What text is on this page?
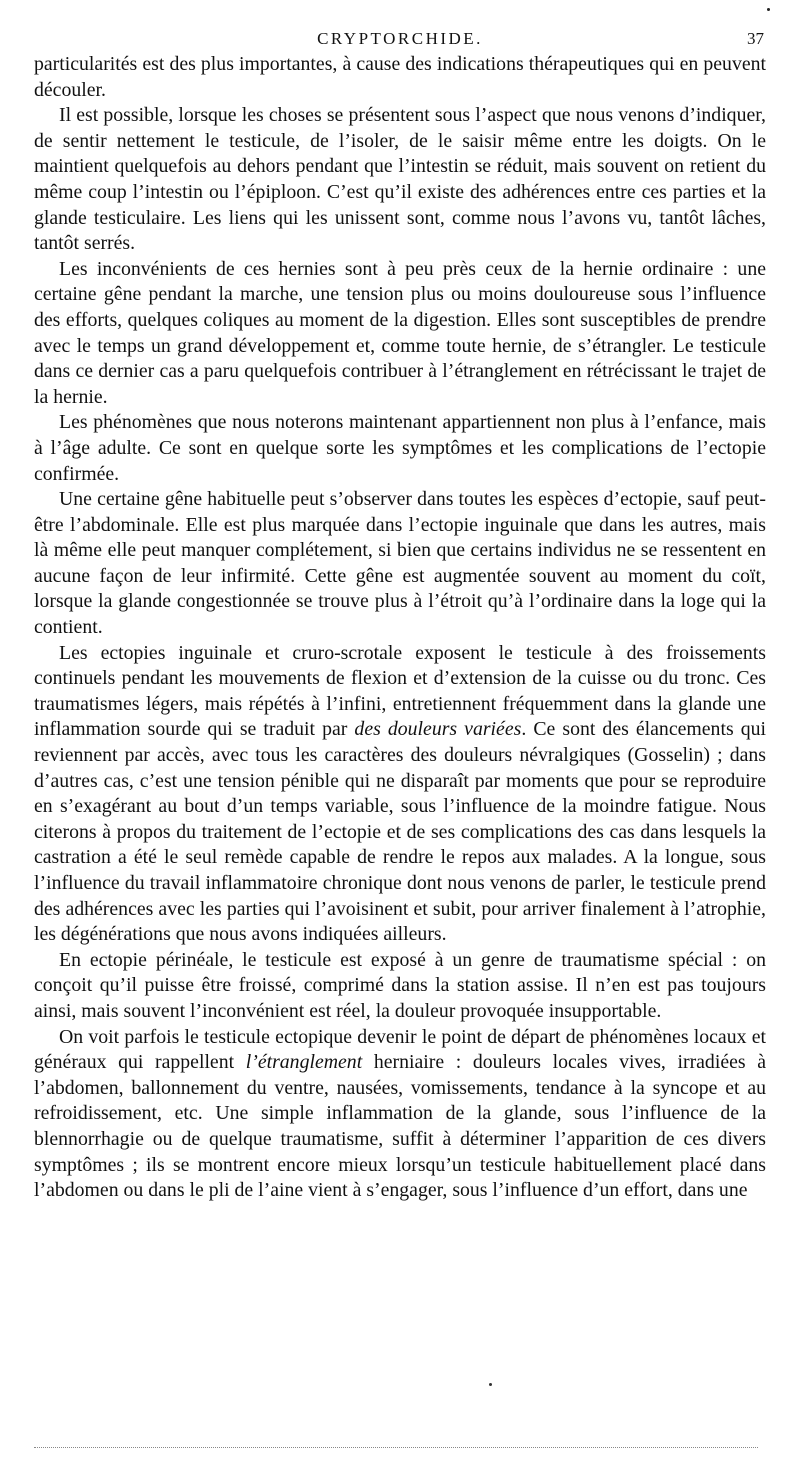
CRYPTORCHIDE.	37

particularités est des plus importantes, à cause des indications thérapeutiques qui en peuvent découler.

Il est possible, lorsque les choses se présentent sous l’aspect que nous venons d’indiquer, de sentir nettement le testicule, de l’isoler, de le saisir même entre les doigts. On le maintient quelquefois au dehors pendant que l’intestin se réduit, mais souvent on retient du même coup l’intestin ou l’épiploon. C’est qu’il existe des adhérences entre ces parties et la glande testiculaire. Les liens qui les unissent sont, comme nous l’avons vu, tantôt lâches, tantôt serrés.

Les inconvénients de ces hernies sont à peu près ceux de la hernie ordinaire : une certaine gêne pendant la marche, une tension plus ou moins douloureuse sous l’influence des efforts, quelques coliques au moment de la digestion. Elles sont susceptibles de prendre avec le temps un grand développement et, comme toute hernie, de s’étrangler. Le testicule dans ce dernier cas a paru quelquefois contribuer à l’étranglement en rétrécissant le trajet de la hernie.

Les phénomènes que nous noterons maintenant appartiennent non plus à l’enfance, mais à l’âge adulte. Ce sont en quelque sorte les symptômes et les complications de l’ectopie confirmée.

Une certaine gêne habituelle peut s’observer dans toutes les espèces d’ectopie, sauf peut-être l’abdominale. Elle est plus marquée dans l’ectopie inguinale que dans les autres, mais là même elle peut manquer complétement, si bien que certains individus ne se ressentent en aucune façon de leur infirmité. Cette gêne est augmentée souvent au moment du coït, lorsque la glande congestionnée se trouve plus à l’étroit qu’à l’ordinaire dans la loge qui la contient.

Les ectopies inguinale et cruro-scrotale exposent le testicule à des froissements continuels pendant les mouvements de flexion et d’extension de la cuisse ou du tronc. Ces traumatismes légers, mais répétés à l’infini, entretiennent fréquemment dans la glande une inflammation sourde qui se traduit par des douleurs variées. Ce sont des élancements qui reviennent par accès, avec tous les caractères des douleurs névralgiques (Gosselin) ; dans d’autres cas, c’est une tension pénible qui ne disparaît par moments que pour se reproduire en s’exagérant au bout d’un temps variable, sous l’influence de la moindre fatigue. Nous citerons à propos du traitement de l’ectopie et de ses complications des cas dans lesquels la castration a été le seul remède capable de rendre le repos aux malades. A la longue, sous l’influence du travail inflammatoire chronique dont nous venons de parler, le testicule prend des adhérences avec les parties qui l’avoisinent et subit, pour arriver finalement à l’atrophie, les dégénérations que nous avons indiquées ailleurs.

En ectopie périnéale, le testicule est exposé à un genre de traumatisme spécial : on conçoit qu’il puisse être froissé, comprimé dans la station assise. Il n’en est pas toujours ainsi, mais souvent l’inconvénient est réel, la douleur provoquée insupportable.

On voit parfois le testicule ectopique devenir le point de départ de phénomènes locaux et généraux qui rappellent l’étranglement herniaire : douleurs locales vives, irradiées à l’abdomen, ballonnement du ventre, nausées, vomissements, tendance à la syncope et au refroidissement, etc. Une simple inflammation de la glande, sous l’influence de la blennorrhagie ou de quelque traumatisme, suffit à déterminer l’apparition de ces divers symptômes ; ils se montrent encore mieux lorsqu’un testicule habituellement placé dans l’abdomen ou dans le pli de l’aine vient à s’engager, sous l’influence d’un effort, dans une
